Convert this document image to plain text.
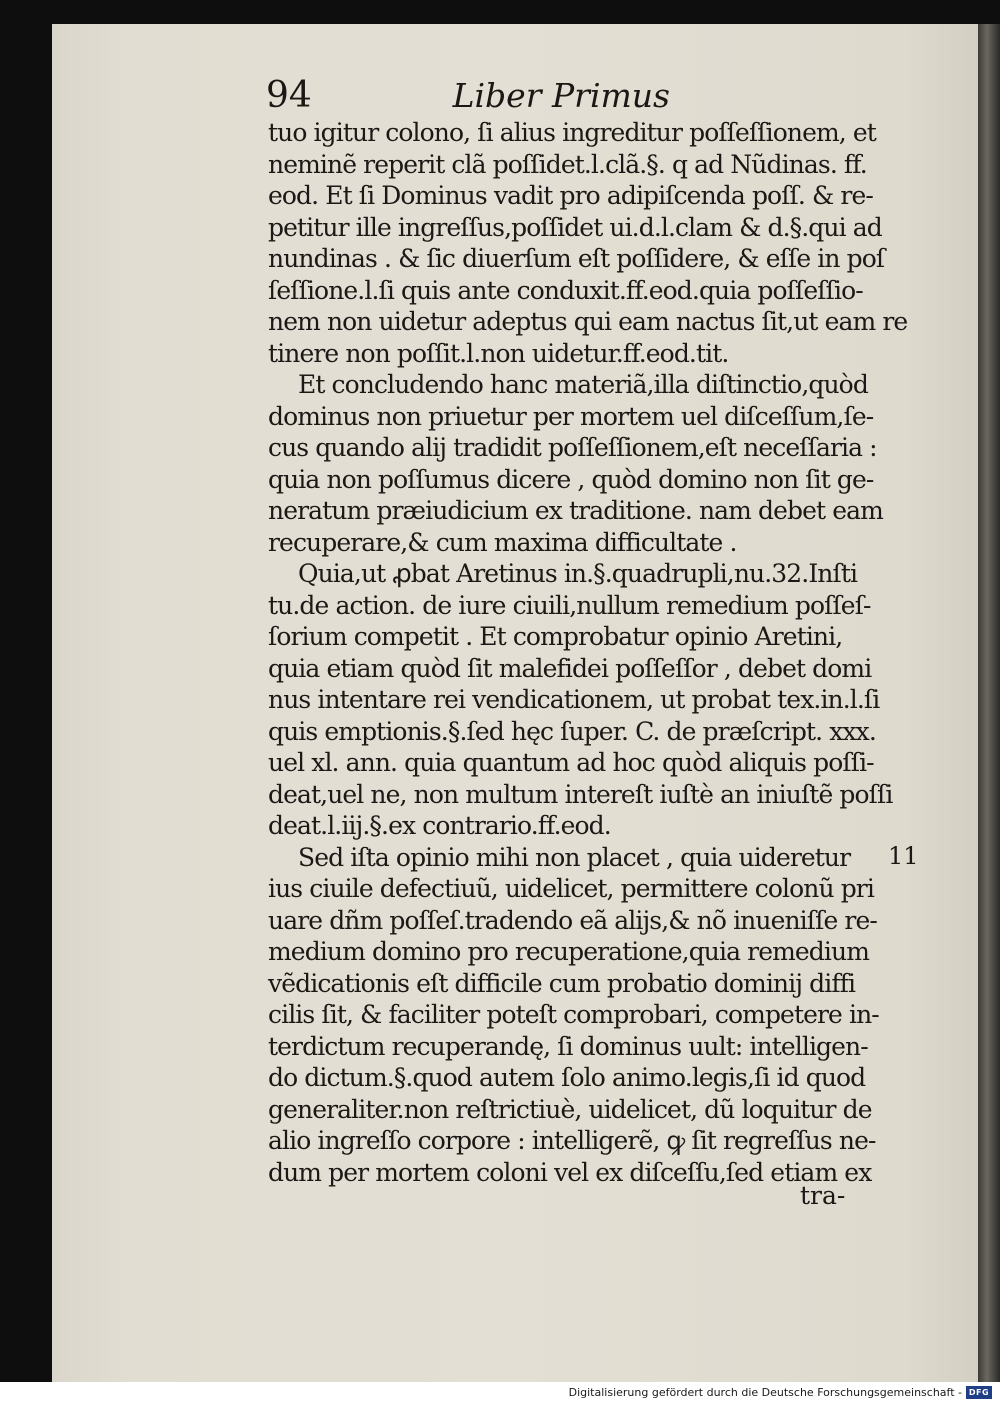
94	Liber Primus
tuo igitur colono, ſi alius ingreditur poſſeſſionem, et
neminẽ reperit clã poſſidet.l.clã.§. q ad Nũdinas. ff.
eod. Et ſi Dominus vadit pro adipiſcenda poſſ. & re-
petitur ille ingreſſus,poſſidet ui.d.l.clam & d.§.qui ad
nundinas . & ſic diuerſum eſt poſſidere, & eſſe in poſ
ſeſſione.l.ſi quis ante conduxit.ff.eod.quia poſſeſſio-
nem non uidetur adeptus qui eam nactus ſit,ut eam re
tinere non poſſit.l.non uidetur.ff.eod.tit.
Et concludendo hanc materiã,illa diſtinctio,quòd
dominus non priuetur per mortem uel diſceſſum,ſe-
cus quando alij tradidit poſſeſſionem,eſt neceſſaria :
quia non poſſumus dicere , quòd domino non ſit ge-
neratum præiudicium ex traditione. nam debet eam
recuperare,& cum maxima difficultate .
Quia,ut ꝓbat Aretinus in.§.quadrupli,nu.32.Inſti
tu.de action. de iure ciuili,nullum remedium poſſeſ-
ſorium competit . Et comprobatur opinio Aretini,
quia etiam quòd ſit malefidei poſſeſſor , debet domi
nus intentare rei vendicationem, ut probat tex.in.l.ſi
quis emptionis.§.ſed hęc ſuper. C. de præſcript. xxx.
uel xl. ann. quia quantum ad hoc quòd aliquis poſſi-
deat,uel ne, non multum intereſt iuſtè an iniuſtẽ poſſi
deat.l.iij.§.ex contrario.ff.eod.
Sed iſta opinio mihi non placet , quia uideretur
ius ciuile defectiuũ, uidelicet, permittere colonũ pri
uare dñm poſſeſ.tradendo eã alijs,& nõ inueniſſe re-
medium domino pro recuperatione,quia remedium
vẽdicationis eſt difficile cum probatio dominij diffi
cilis ſit, & faciliter poteſt comprobari, competere in-
terdictum recuperandę, ſi dominus uult: intelligen-
do dictum.§.quod autem ſolo animo.legis,ſi id quod
generaliter.non reſtrictiuè, uidelicet, dũ loquitur de
alio ingreſſo corpore : intelligerẽ, ꝙ ſit regreſſus ne-
dum per mortem coloni vel ex diſceſſu,ſed etiam ex
11
tra-
Digitalisierung gefördert durch die Deutsche Forschungsgemeinschaft - DFG
